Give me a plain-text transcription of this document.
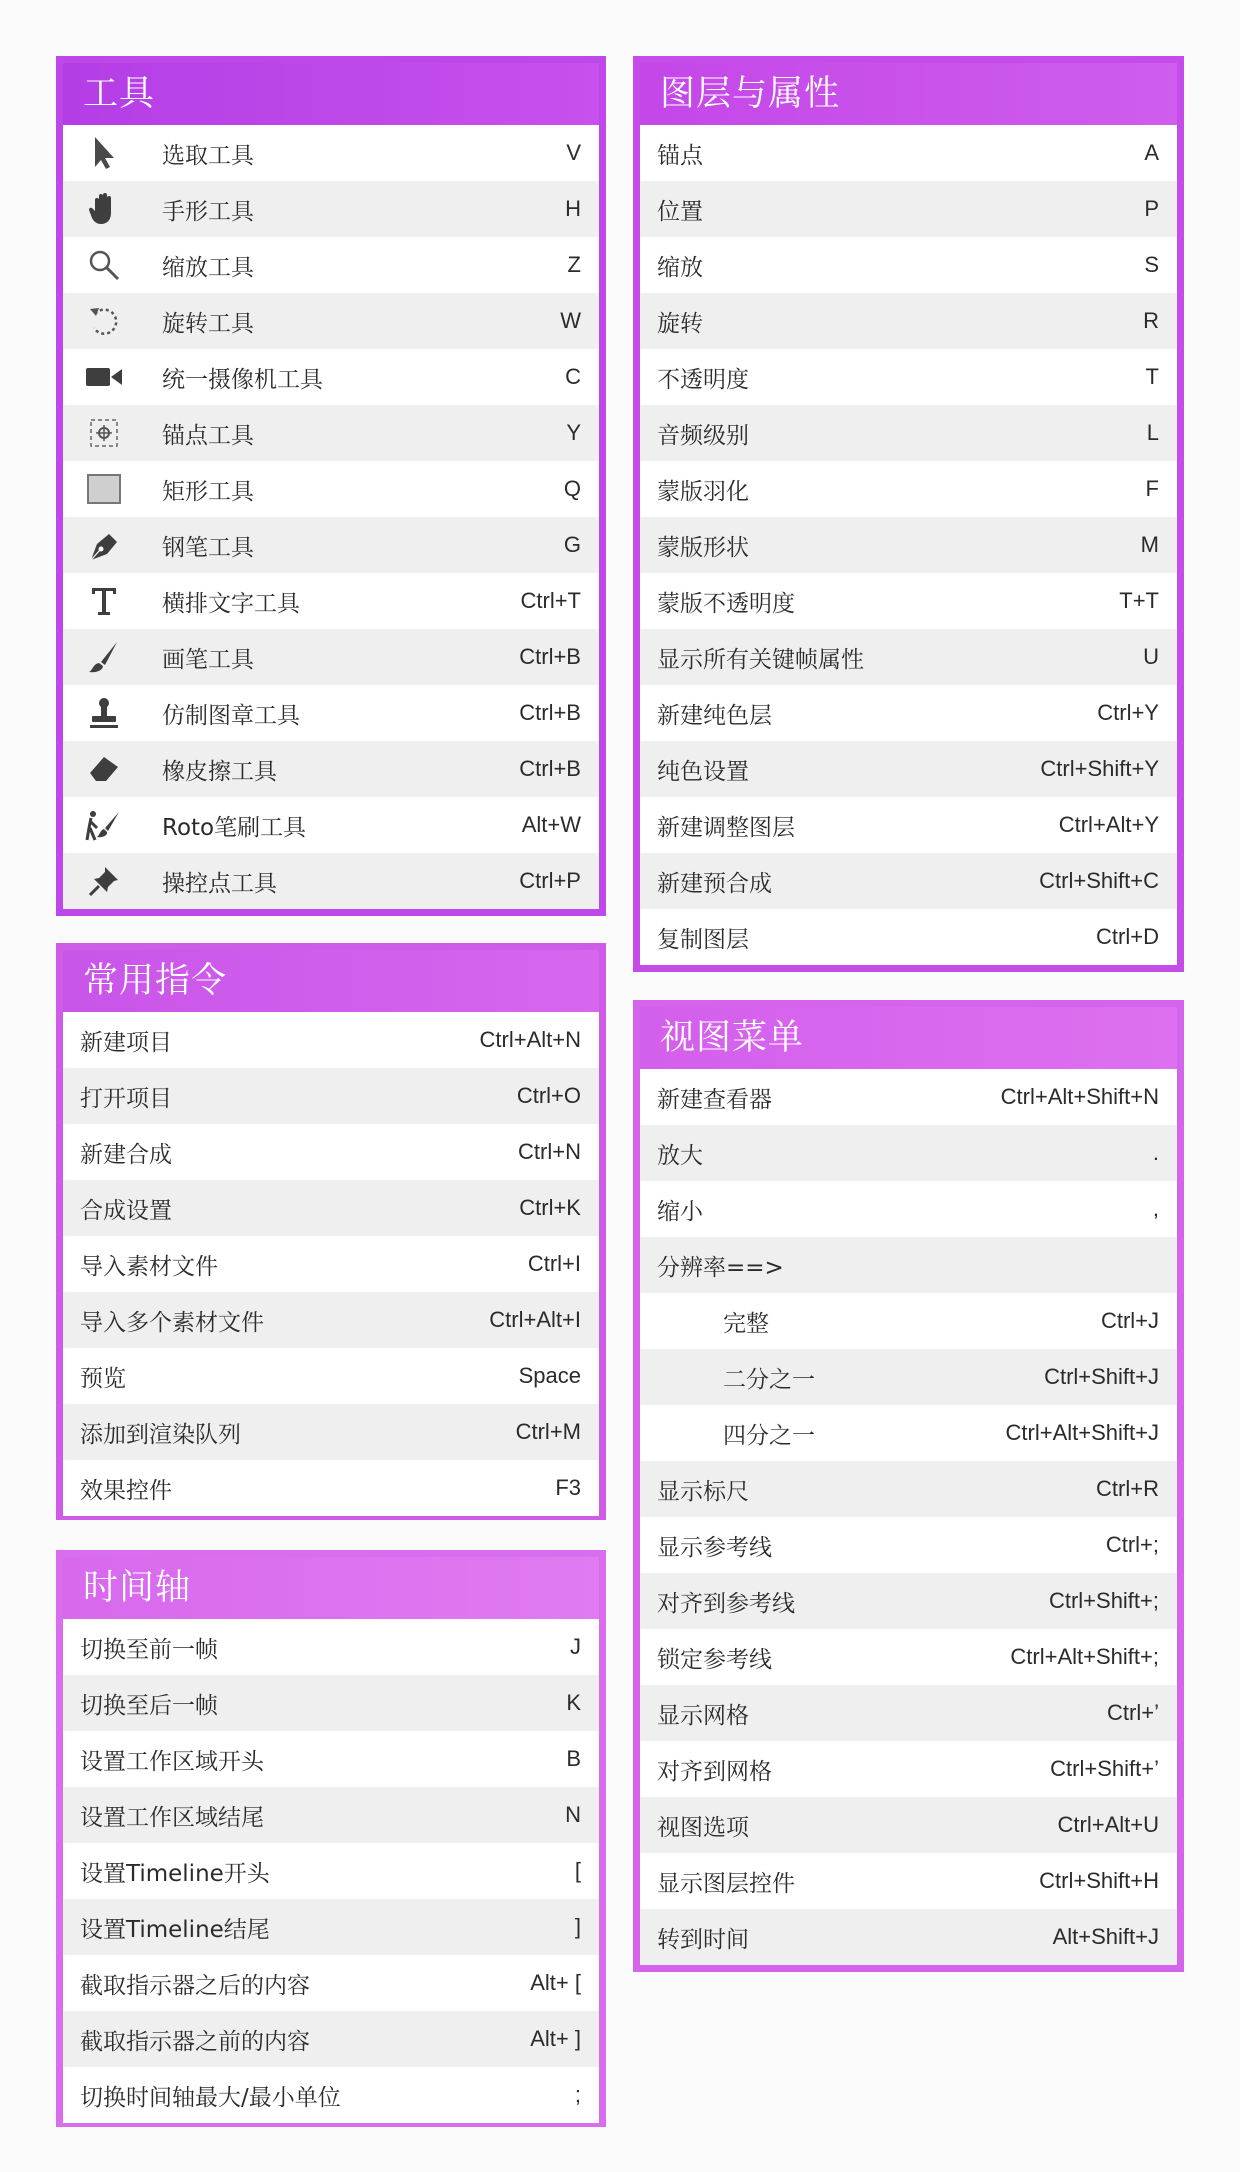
工具
选取工具	V
手形工具	H
缩放工具	Z
旋转工具	W
统一摄像机工具	C
锚点工具	Y
矩形工具	Q
钢笔工具	G
横排文字工具	Ctrl+T
画笔工具	Ctrl+B
仿制图章工具	Ctrl+B
橡皮擦工具	Ctrl+B
Roto笔刷工具	Alt+W
操控点工具	Ctrl+P
图层与属性
锚点	A
位置	P
缩放	S
旋转	R
不透明度	T
音频级别	L
蒙版羽化	F
蒙版形状	M
蒙版不透明度	T+T
显示所有关键帧属性	U
新建纯色层	Ctrl+Y
纯色设置	Ctrl+Shift+Y
新建调整图层	Ctrl+Alt+Y
新建预合成	Ctrl+Shift+C
复制图层	Ctrl+D
常用指令
新建项目	Ctrl+Alt+N
打开项目	Ctrl+O
新建合成	Ctrl+N
合成设置	Ctrl+K
导入素材文件	Ctrl+I
导入多个素材文件	Ctrl+Alt+I
预览	Space
添加到渲染队列	Ctrl+M
效果控件	F3
视图菜单
新建查看器	Ctrl+Alt+Shift+N
放大	.
缩小	,
分辨率==>
完整	Ctrl+J
二分之一	Ctrl+Shift+J
四分之一	Ctrl+Alt+Shift+J
显示标尺	Ctrl+R
显示参考线	Ctrl+;
对齐到参考线	Ctrl+Shift+;
锁定参考线	Ctrl+Alt+Shift+;
显示网格	Ctrl+’
对齐到网格	Ctrl+Shift+’
视图选项	Ctrl+Alt+U
显示图层控件	Ctrl+Shift+H
转到时间	Alt+Shift+J
时间轴
切换至前一帧	J
切换至后一帧	K
设置工作区域开头	B
设置工作区域结尾	N
设置Timeline开头	[
设置Timeline结尾	]
截取指示器之后的内容	Alt+ [
截取指示器之前的内容	Alt+ ]
切换时间轴最大/最小单位	;
